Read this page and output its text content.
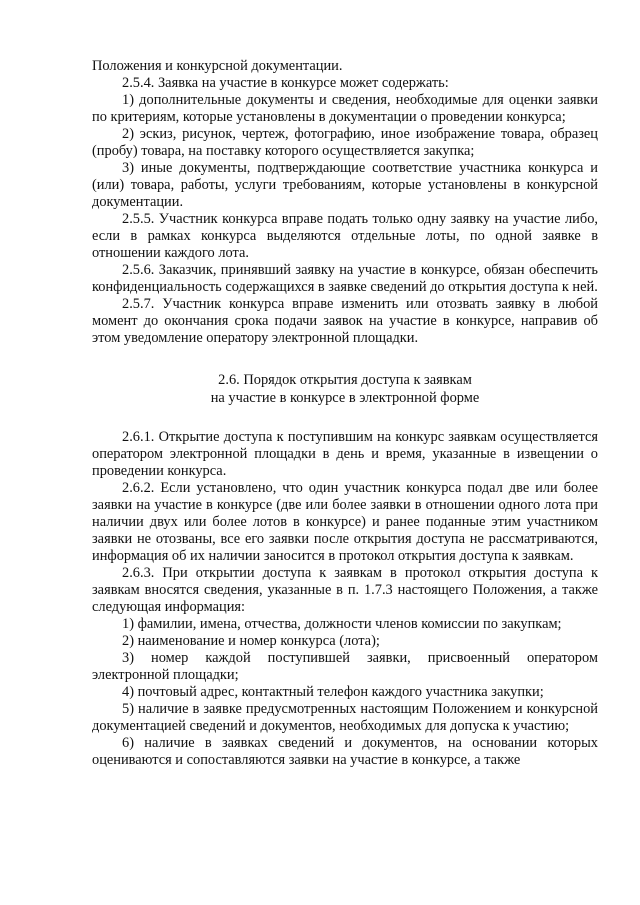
Положения и конкурсной документации.

2.5.4. Заявка на участие в конкурсе может содержать:

1) дополнительные документы и сведения, необходимые для оценки заявки по критериям, которые установлены в документации о проведении конкурса;

2) эскиз, рисунок, чертеж, фотографию, иное изображение товара, образец (пробу) товара, на поставку которого осуществляется закупка;

3) иные документы, подтверждающие соответствие участника конкурса и (или) товара, работы, услуги требованиям, которые установлены в конкурсной документации.

2.5.5. Участник конкурса вправе подать только одну заявку на участие либо, если в рамках конкурса выделяются отдельные лоты, по одной заявке в отношении каждого лота.

2.5.6. Заказчик, принявший заявку на участие в конкурсе, обязан обеспечить конфиденциальность содержащихся в заявке сведений до открытия доступа к ней.

2.5.7. Участник конкурса вправе изменить или отозвать заявку в любой момент до окончания срока подачи заявок на участие в конкурсе, направив об этом уведомление оператору электронной площадки.

2.6. Порядок открытия доступа к заявкам
на участие в конкурсе в электронной форме

2.6.1. Открытие доступа к поступившим на конкурс заявкам осуществляется оператором электронной площадки в день и время, указанные в извещении о проведении конкурса.

2.6.2. Если установлено, что один участник конкурса подал две или более заявки на участие в конкурсе (две или более заявки в отношении одного лота при наличии двух или более лотов в конкурсе) и ранее поданные этим участником заявки не отозваны, все его заявки после открытия доступа не рассматриваются, информация об их наличии заносится в протокол открытия доступа к заявкам.

2.6.3. При открытии доступа к заявкам в протокол открытия доступа к заявкам вносятся сведения, указанные в п. 1.7.3 настоящего Положения, а также следующая информация:

1) фамилии, имена, отчества, должности членов комиссии по закупкам;

2) наименование и номер конкурса (лота);

3) номер каждой поступившей заявки, присвоенный оператором электронной площадки;

4) почтовый адрес, контактный телефон каждого участника закупки;

5) наличие в заявке предусмотренных настоящим Положением и конкурсной документацией сведений и документов, необходимых для допуска к участию;

6) наличие в заявках сведений и документов, на основании которых оцениваются и сопоставляются заявки на участие в конкурсе, а также
